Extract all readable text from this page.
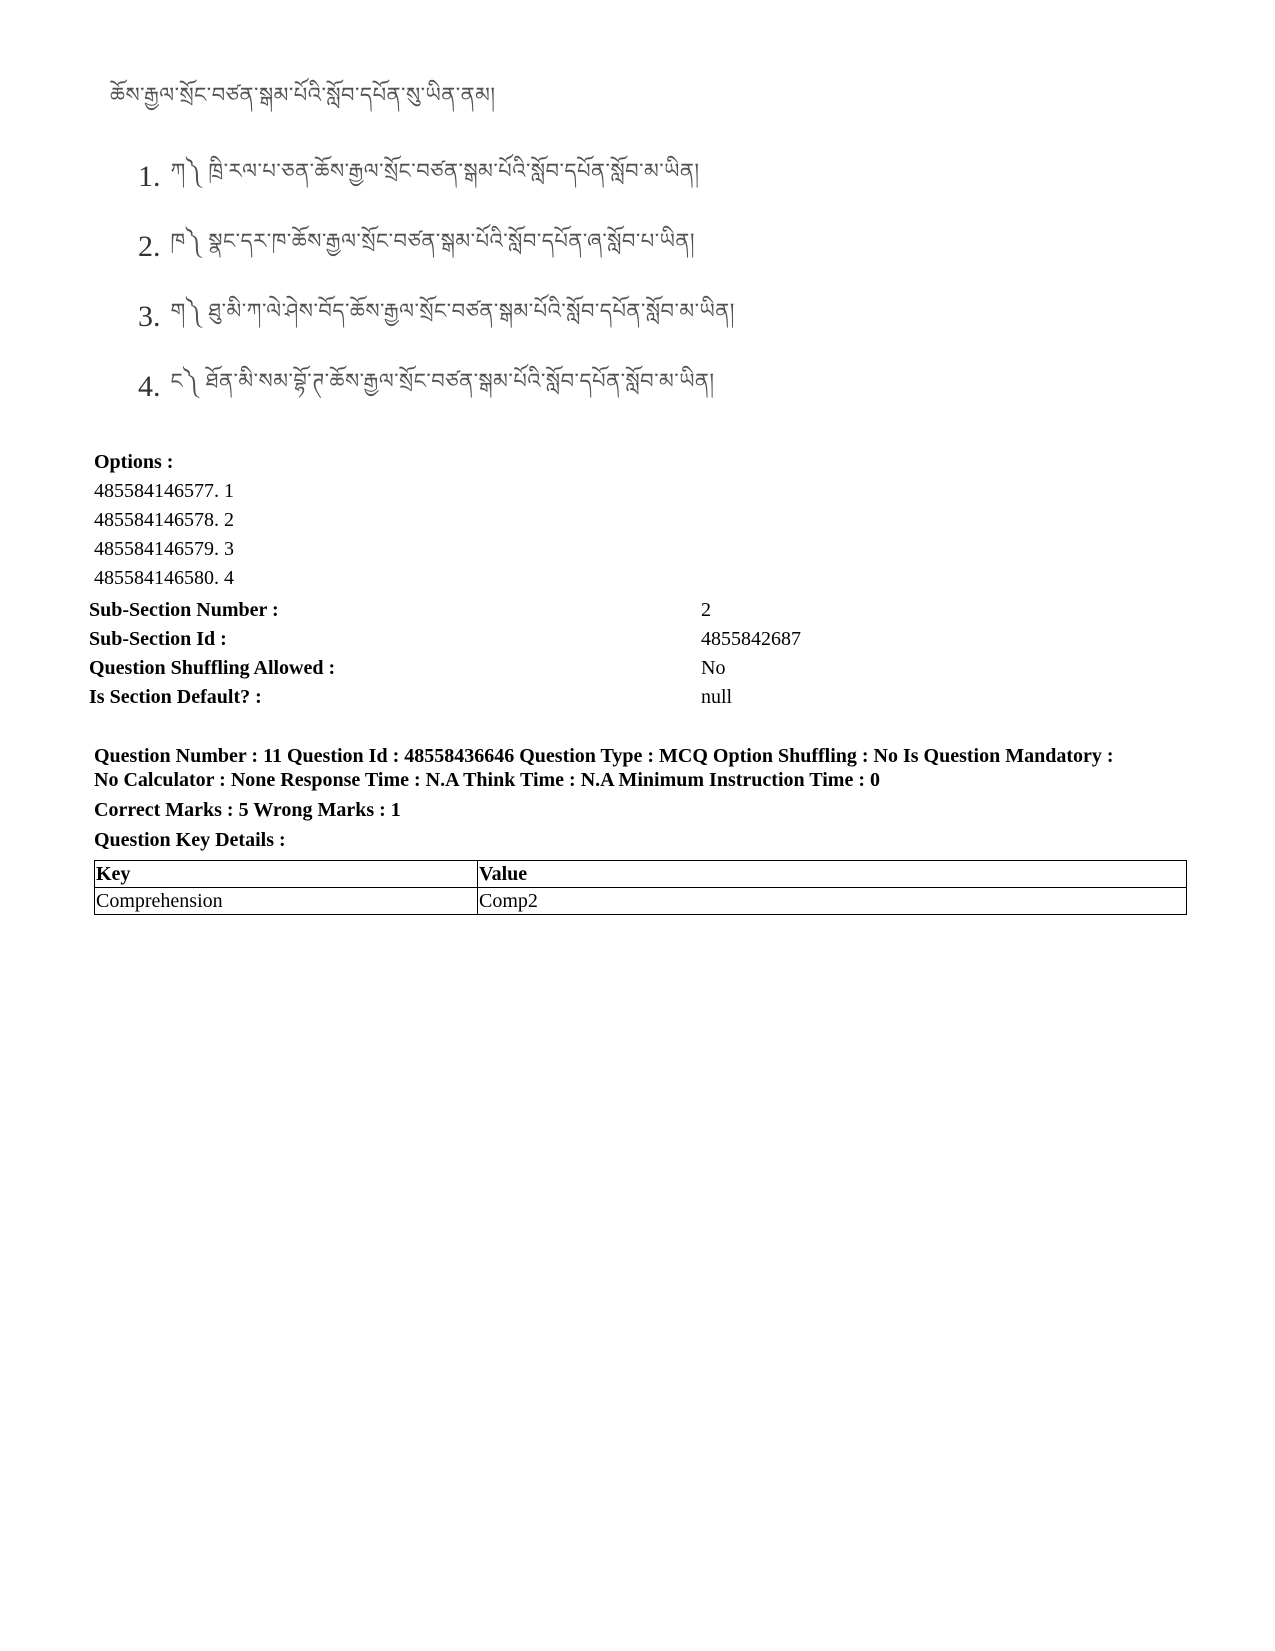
ཆོས་རྒྱལ་སྲོང་བཙན་སྒམ་པོའི་སློབ་དཔོན་སུ་ཡིན་ནམ།
1. ཀ༽ ཁྲི་རལ་པ་ཅན་ཆོས་རྒྱལ་སྲོང་བཙན་སྒམ་པོའི་སློབ་དཔོན་སློབ་མ་ཡིན།
2. ཁ༽ སྣང་དར་ཁ་ཆོས་རྒྱལ་སྲོང་བཙན་སྒམ་པོའི་སློབ་དཔོན་ཞ་སློབ་པ་ཡིན།
3. ག༽ ཐུ་མི་ཀ་ལེ་ཤེས་བོད་ཆོས་རྒྱལ་སྲོང་བཙན་སྒམ་པོའི་སློབ་དཔོན་སློབ་མ་ཡིན།
4. ང༽ ཐོན་མི་སམ་བྷོ་ཊ་ཆོས་རྒྱལ་སྲོང་བཙན་སྒམ་པོའི་སློབ་དཔོན་སློབ་མ་ཡིན།
Options :
485584146577. 1
485584146578. 2
485584146579. 3
485584146580. 4
Sub-Section Number :	2
Sub-Section Id :	4855842687
Question Shuffling Allowed :	No
Is Section Default? :	null

Question Number : 11 Question Id : 48558436646 Question Type : MCQ Option Shuffling : No Is Question Mandatory :

No Calculator : None Response Time : N.A Think Time : N.A Minimum Instruction Time : 0

Correct Marks : 5 Wrong Marks : 1

Question Key Details :

Key	Value
Comprehension	Comp2
